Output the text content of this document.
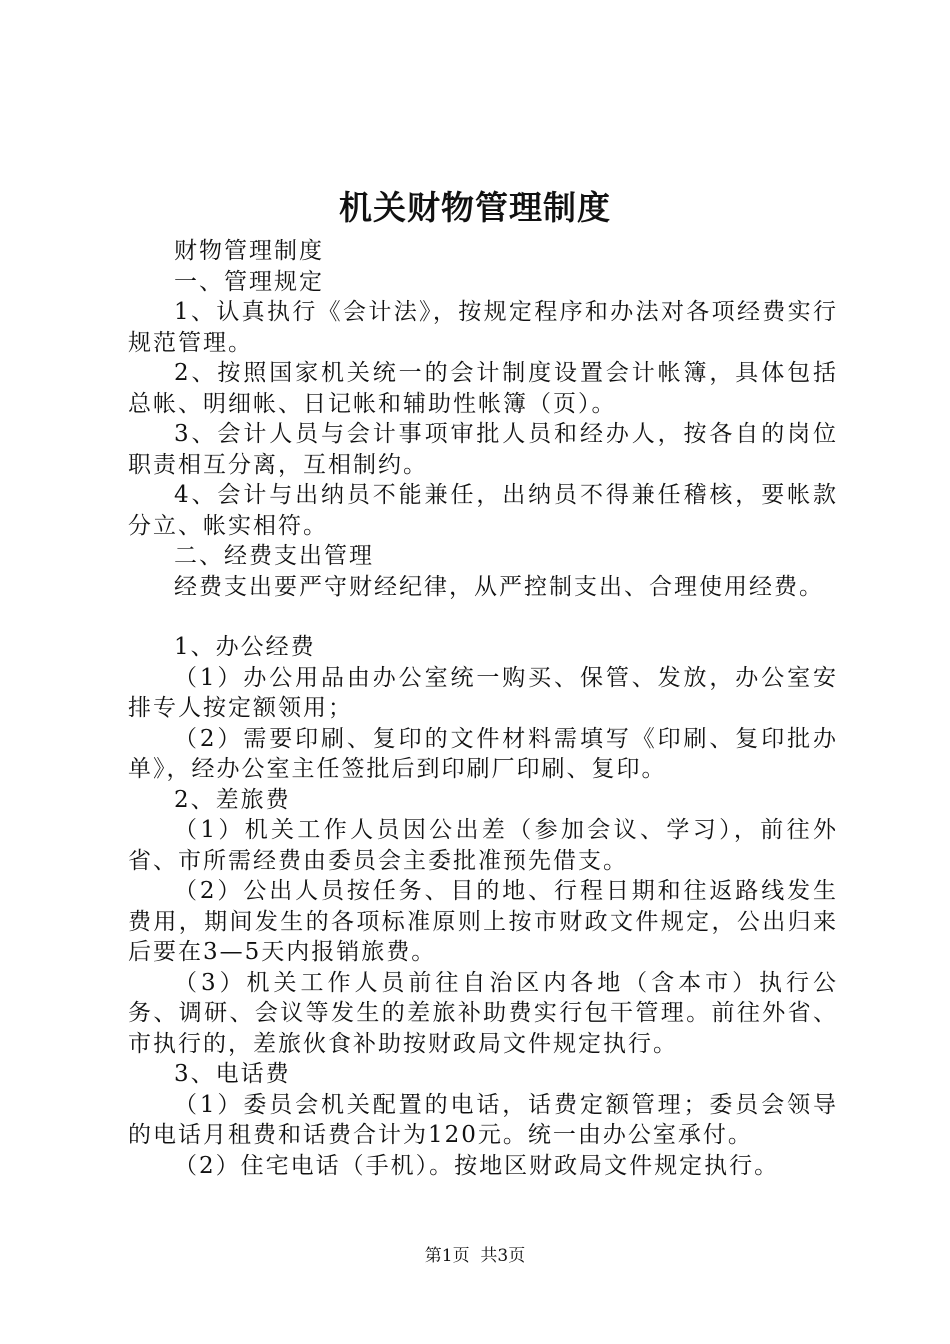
机关财物管理制度

财物管理制度

一、管理规定

1、认真执行《会计法》，按规定程序和办法对各项经费实行规范管理。

2、按照国家机关统一的会计制度设置会计帐簿，具体包括总帐、明细帐、日记帐和辅助性帐簿（页）。

3、会计人员与会计事项审批人员和经办人，按各自的岗位职责相互分离，互相制约。

4、会计与出纳员不能兼任，出纳员不得兼任稽核，要帐款分立、帐实相符。

二、经费支出管理

经费支出要严守财经纪律，从严控制支出、合理使用经费。

1、办公经费

（1）办公用品由办公室统一购买、保管、发放，办公室安排专人按定额领用；

（2）需要印刷、复印的文件材料需填写《印刷、复印批办单》，经办公室主任签批后到印刷厂印刷、复印。

2、差旅费

（1）机关工作人员因公出差（参加会议、学习），前往外省、市所需经费由委员会主委批准预先借支。

（2）公出人员按任务、目的地、行程日期和往返路线发生费用，期间发生的各项标准原则上按市财政文件规定，公出归来后要在3—5天内报销旅费。

（3）机关工作人员前往自治区内各地（含本市）执行公务、调研、会议等发生的差旅补助费实行包干管理。前往外省、市执行的，差旅伙食补助按财政局文件规定执行。

3、电话费

（1）委员会机关配置的电话，话费定额管理；委员会领导的电话月租费和话费合计为120元。统一由办公室承付。

（2）住宅电话（手机）。按地区财政局文件规定执行。

第1页 共3页
